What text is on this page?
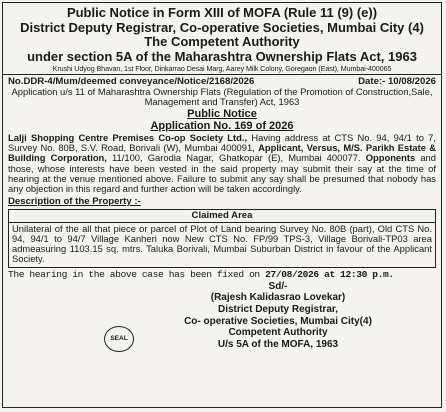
Public Notice in Form XIII of MOFA (Rule 11 (9) (e))
District Deputy Registrar, Co-operative Societies, Mumbai City (4)
The Competent Authority
under section 5A of the Maharashtra Ownership Flats Act, 1963
Krushi Udyog Bhavan, 1st Floor, Dinkarrao Desai Marg, Aarey Milk Colony, Goregaon (East), Mumbai-400065
No.DDR-4/Mum/deemed conveyance/Notice/2168/2026	Date:- 10/08/2026
Application u/s 11 of Maharashtra Ownership Flats (Regulation of the Promotion of Construction,Sale, Management and Transfer) Act, 1963
Public Notice
Application No. 169 of 2026
Lalji Shopping Centre Premises Co-op Society Ltd., Having address at CTS No. 94, 94/1 to 7, Survey No. 80B, S.V. Road, Borivali (W), Mumbai 400091, Applicant, Versus, M/S. Parikh Estate & Building Corporation, 11/100, Garodia Nagar, Ghatkopar (E), Mumbai 400077. Opponents and those, whose interests have been vested in the said property may submit their say at the time of hearing at the venue mentioned above. Failure to submit any say shall be presumed that nobody has any objection in this regard and further action will be taken accordingly.
Description of the Property :-
Claimed Area
Unilateral of the all that piece or parcel of Plot of Land bearing Survey No. 80B (part), Old CTS No. 94, 94/1 to 94/7 Village Kanheri now New CTS No. FP/99 TPS-3, Village Borivali-TP03 area admeasuring 1103.15 sq. mtrs. Taluka Borivali, Mumbai Suburban District in favour of the Applicant Society.
The hearing in the above case has been fixed on 27/08/2026 at 12:30 p.m.
Sd/-
(Rajesh Kalidasrao Lovekar)
District Deputy Registrar,
Co- operative Societies, Mumbai City(4)
Competent Authority
U/s 5A of the MOFA, 1963
SEAL
